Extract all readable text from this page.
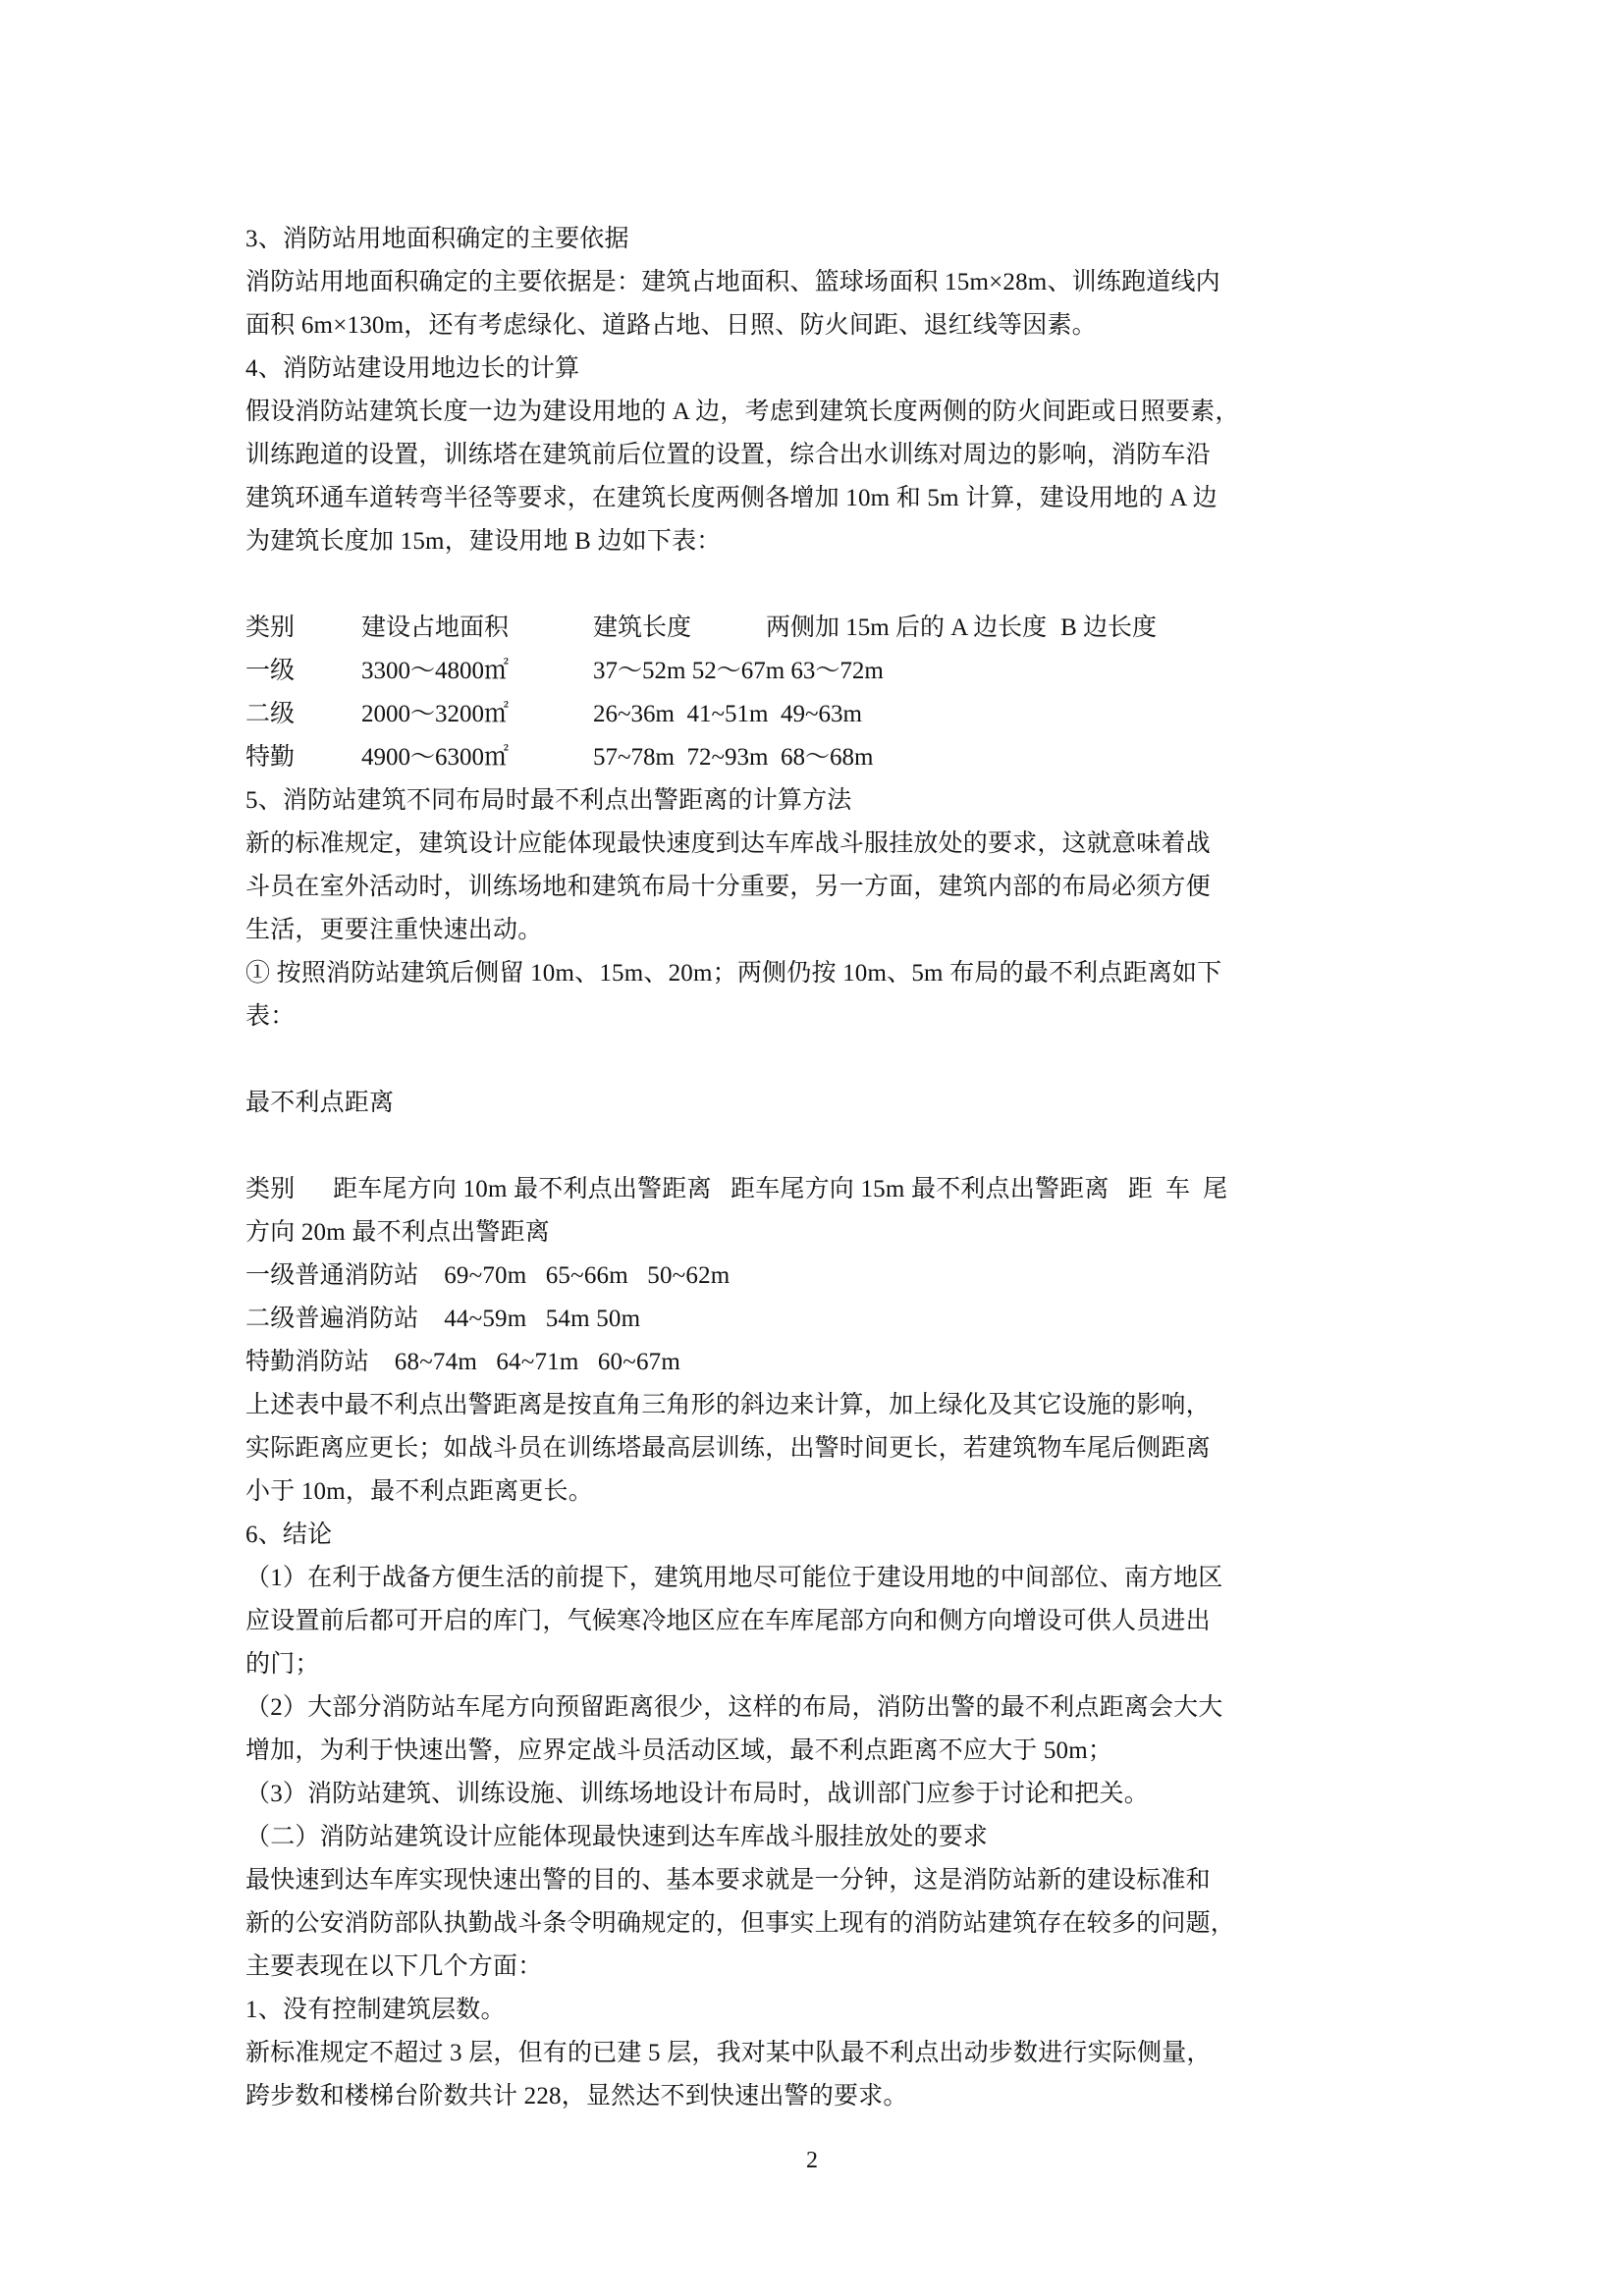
3、消防站用地面积确定的主要依据
消防站用地面积确定的主要依据是：建筑占地面积、篮球场面积 15m×28m、训练跑道线内
面积 6m×130m，还有考虑绿化、道路占地、日照、防火间距、退红线等因素。
4、消防站建设用地边长的计算
假设消防站建筑长度一边为建设用地的 A 边，考虑到建筑长度两侧的防火间距或日照要素，
训练跑道的设置，训练塔在建筑前后位置的设置，综合出水训练对周边的影响，消防车沿
建筑环通车道转弯半径等要求，在建筑长度两侧各增加 10m 和 5m 计算，建设用地的 A 边
为建筑长度加 15m，建设用地 B 边如下表：
类别	建设占地面积	建筑长度	两侧加 15m 后的 A 边长度 B 边长度
一级	3300～4800㎡	37～52m 52～67m 63～72m
二级	2000～3200㎡	26~36m  41~51m  49~63m
特勤	4900～6300㎡	57~78m  72~93m  68～68m
5、消防站建筑不同布局时最不利点出警距离的计算方法
新的标准规定，建筑设计应能体现最快速度到达车库战斗服挂放处的要求，这就意味着战
斗员在室外活动时，训练场地和建筑布局十分重要，另一方面，建筑内部的布局必须方便
生活，更要注重快速出动。
① 按照消防站建筑后侧留 10m、15m、20m；两侧仍按 10m、5m 布局的最不利点距离如下
表：
最不利点距离
类别      距车尾方向 10m 最不利点出警距离   距车尾方向 15m 最不利点出警距离   距  车  尾
方向 20m 最不利点出警距离
一级普通消防站    69~70m   65~66m   50~62m
二级普遍消防站    44~59m   54m 50m
特勤消防站    68~74m   64~71m   60~67m
上述表中最不利点出警距离是按直角三角形的斜边来计算，加上绿化及其它设施的影响，
实际距离应更长；如战斗员在训练塔最高层训练，出警时间更长，若建筑物车尾后侧距离
小于 10m，最不利点距离更长。
6、结论
（1）在利于战备方便生活的前提下，建筑用地尽可能位于建设用地的中间部位、南方地区
应设置前后都可开启的库门，气候寒冷地区应在车库尾部方向和侧方向增设可供人员进出
的门；
（2）大部分消防站车尾方向预留距离很少，这样的布局，消防出警的最不利点距离会大大
增加，为利于快速出警，应界定战斗员活动区域，最不利点距离不应大于 50m；
（3）消防站建筑、训练设施、训练场地设计布局时，战训部门应参于讨论和把关。
（二）消防站建筑设计应能体现最快速到达车库战斗服挂放处的要求
最快速到达车库实现快速出警的目的、基本要求就是一分钟，这是消防站新的建设标准和
新的公安消防部队执勤战斗条令明确规定的，但事实上现有的消防站建筑存在较多的问题，
主要表现在以下几个方面：
1、没有控制建筑层数。
新标准规定不超过 3 层，但有的已建 5 层，我对某中队最不利点出动步数进行实际侧量，
跨步数和楼梯台阶数共计 228，显然达不到快速出警的要求。
2
